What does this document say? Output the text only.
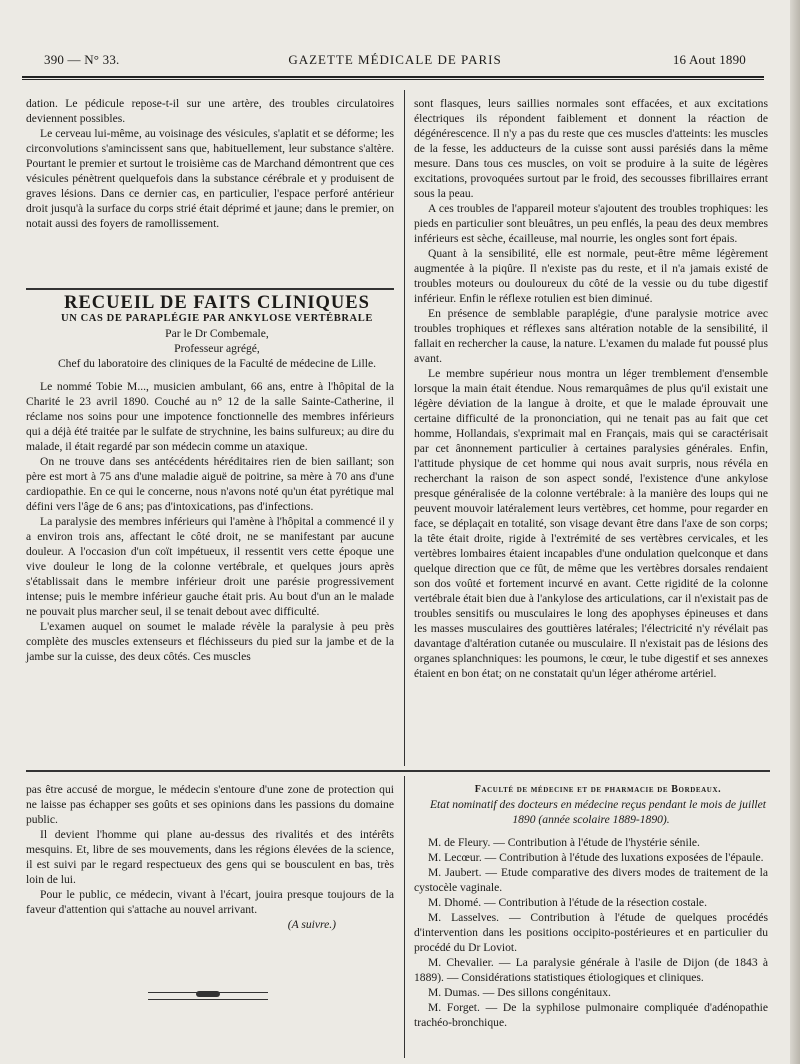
390 — N° 33.	GAZETTE MÉDICALE DE PARIS	16 Aout 1890

dation. Le pédicule repose-t-il sur une artère, des troubles circulatoires deviennent possibles.

Le cerveau lui-même, au voisinage des vésicules, s'aplatit et se déforme; les circonvolutions s'amincissent sans que, habituellement, leur substance s'altère. Pourtant le premier et surtout le troisième cas de Marchand démontrent que ces vésicules pénètrent quelquefois dans la substance cérébrale et y produisent de graves lésions. Dans ce dernier cas, en particulier, l'espace perforé antérieur droit jusqu'à la surface du corps strié était déprimé et jaune; dans le premier, on notait aussi des foyers de ramollissement.

RECUEIL DE FAITS CLINIQUES

UN CAS DE PARAPLÉGIE PAR ANKYLOSE VERTÉBRALE

Par le Dr Combemale,

Professeur agrégé,

Chef du laboratoire des cliniques de la Faculté de médecine de Lille.

Le nommé Tobie M..., musicien ambulant, 66 ans, entre à l'hôpital de la Charité le 23 avril 1890. Couché au n° 12 de la salle Sainte-Catherine, il réclame nos soins pour une impotence fonctionnelle des membres inférieurs qui a déjà été traitée par le sulfate de strychnine, les bains sulfureux; au dire du malade, il était regardé par son médecin comme un ataxique.

On ne trouve dans ses antécédents héréditaires rien de bien saillant; son père est mort à 75 ans d'une maladie aiguë de poitrine, sa mère à 70 ans d'une cardiopathie. En ce qui le concerne, nous n'avons noté qu'un état pyrétique mal défini vers l'âge de 6 ans; pas d'intoxications, pas d'infections.

La paralysie des membres inférieurs qui l'amène à l'hôpital a commencé il y a environ trois ans, affectant le côté droit, ne se manifestant par aucune douleur. A l'occasion d'un coït impétueux, il ressentit vers cette époque une vive douleur le long de la colonne vertébrale, et quelques jours après s'établissait dans le membre inférieur droit une parésie progressivement intense; puis le membre inférieur gauche était pris. Au bout d'un an le malade ne pouvait plus marcher seul, il se tenait debout avec difficulté.

L'examen auquel on soumet le malade révèle la paralysie à peu près complète des muscles extenseurs et fléchisseurs du pied sur la jambe et de la jambe sur la cuisse, des deux côtés. Ces muscles

sont flasques, leurs saillies normales sont effacées, et aux excitations électriques ils répondent faiblement et donnent la réaction de dégénérescence. Il n'y a pas du reste que ces muscles d'atteints: les muscles de la fesse, les adducteurs de la cuisse sont aussi parésiés dans la même mesure. Dans tous ces muscles, on voit se produire à la suite de légères excitations, provoquées surtout par le froid, des secousses fibrillaires errant sous la peau.

A ces troubles de l'appareil moteur s'ajoutent des troubles trophiques: les pieds en particulier sont bleuâtres, un peu enflés, la peau des deux membres inférieurs est sèche, écailleuse, mal nourrie, les ongles sont fort épais.

Quant à la sensibilité, elle est normale, peut-être même légèrement augmentée à la piqûre. Il n'existe pas du reste, et il n'a jamais existé de troubles moteurs ou douloureux du côté de la vessie ou du tube digestif inférieur. Enfin le réflexe rotulien est bien diminué.

En présence de semblable paraplégie, d'une paralysie motrice avec troubles trophiques et réflexes sans altération notable de la sensibilité, il fallait en rechercher la cause, la nature. L'examen du malade fut poussé plus avant.

Le membre supérieur nous montra un léger tremblement d'ensemble lorsque la main était étendue. Nous remarquâmes de plus qu'il existait une légère déviation de la langue à droite, et que le malade éprouvait une certaine difficulté de la prononciation, qui ne tenait pas au fait que cet homme, Hollandais, s'exprimait mal en Français, mais qui se caractérisait par cet ânonnement particulier à certaines paralysies générales. Enfin, l'attitude physique de cet homme qui nous avait surpris, nous révéla en recherchant la raison de son aspect sondé, l'existence d'une ankylose presque généralisée de la colonne vertébrale: à la manière des loups qui ne peuvent mouvoir latéralement leurs vertèbres, cet homme, pour regarder en face, se déplaçait en totalité, son visage devant être dans l'axe de son corps; la tête était droite, rigide à l'extrémité de ses vertèbres cervicales, et les vertèbres lombaires étaient incapables d'une ondulation quelconque et dans quelque direction que ce fût, de même que les vertèbres dorsales rendaient son dos voûté et fortement incurvé en avant. Cette rigidité de la colonne vertébrale était bien due à l'ankylose des articulations, car il n'existait pas de troubles sensitifs ou musculaires le long des apophyses épineuses et dans les masses musculaires des gouttières latérales; l'électricité n'y révélait pas davantage d'altération cutanée ou musculaire. Il n'existait pas de lésions des organes splanchniques: les poumons, le cœur, le tube digestif et ses annexes étaient en bon état; on ne constatait qu'un léger athérome artériel.

pas être accusé de morgue, le médecin s'entoure d'une zone de protection qui ne laisse pas échapper ses goûts et ses opinions dans les passions du domaine public.

Il devient l'homme qui plane au-dessus des rivalités et des intérêts mesquins. Et, libre de ses mouvements, dans les régions élevées de la science, il est suivi par le regard respectueux des gens qui se bousculent en bas, très loin de lui.

Pour le public, ce médecin, vivant à l'écart, jouira presque toujours de la faveur d'attention qui s'attache au nouvel arrivant.

(A suivre.)

Faculté de médecine et de pharmacie de Bordeaux.

Etat nominatif des docteurs en médecine reçus pendant le mois de juillet 1890 (année scolaire 1889-1890).

M. de Fleury. — Contribution à l'étude de l'hystérie sénile.

M. Lecœur. — Contribution à l'étude des luxations exposées de l'épaule.

M. Jaubert. — Etude comparative des divers modes de traitement de la cystocèle vaginale.

M. Dhomé. — Contribution à l'étude de la résection costale.

M. Lasselves. — Contribution à l'étude de quelques procédés d'intervention dans les positions occipito-postérieures et en particulier du procédé du Dr Loviot.

M. Chevalier. — La paralysie générale à l'asile de Dijon (de 1843 à 1889). — Considérations statistiques étiologiques et cliniques.

M. Dumas. — Des sillons congénitaux.

M. Forget. — De la syphilose pulmonaire compliquée d'adénopathie trachéo-bronchique.
